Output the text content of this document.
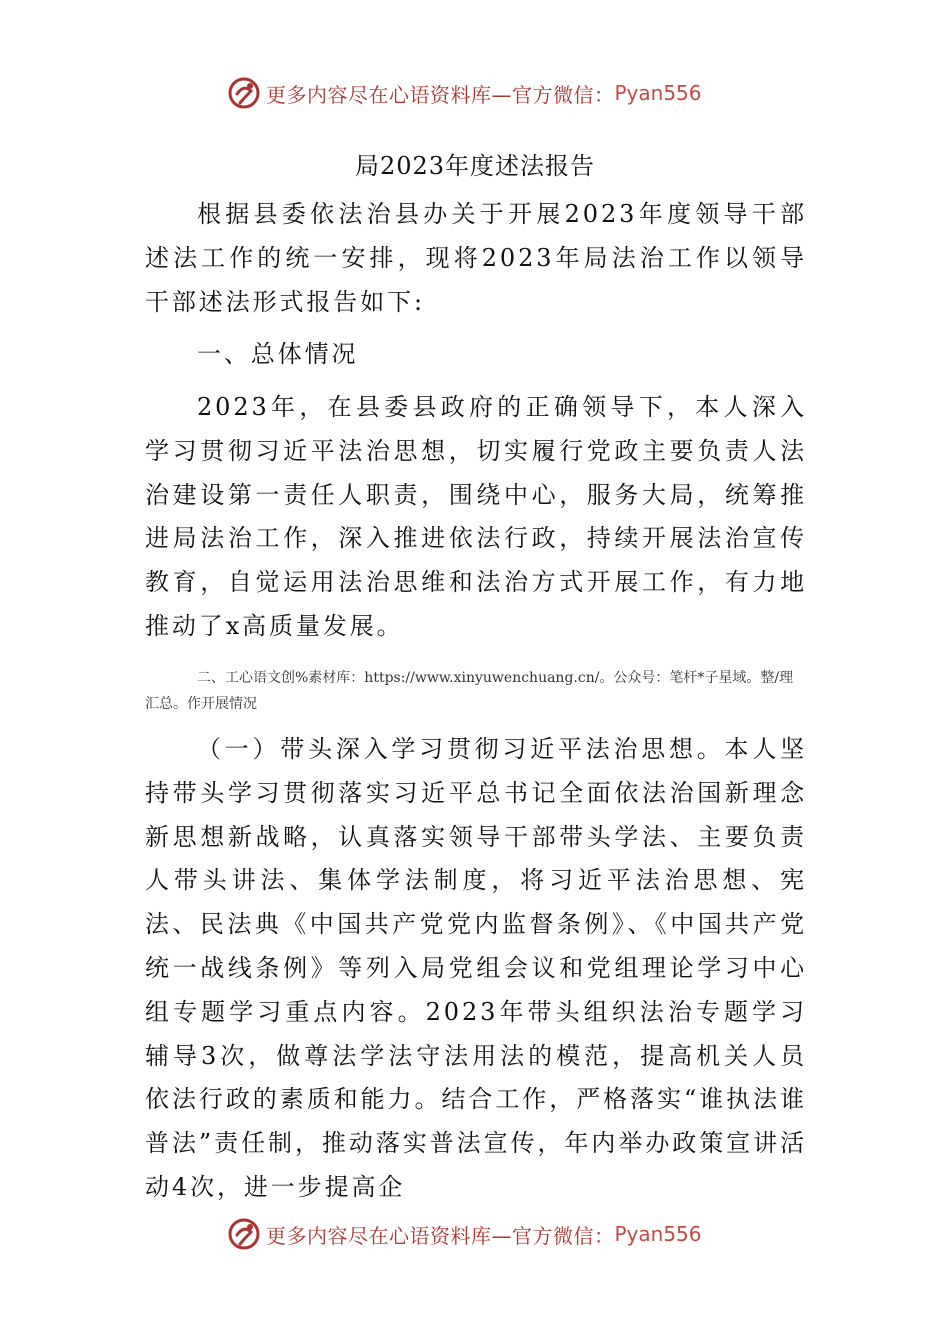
更多内容尽在心语资料库—官方微信： Pyan556
局2023年度述法报告

根据县委依法治县办关于开展2023年度领导干部述法工作的统一安排，现将2023年局法治工作以领导干部述法形式报告如下:

一、总体情况

2023年，在县委县政府的正确领导下，本人深入学习贯彻习近平法治思想，切实履行党政主要负责人法治建设第一责任人职责，围绕中心，服务大局，统筹推进局法治工作，深入推进依法行政，持续开展法治宣传教育，自觉运用法治思维和法治方式开展工作，有力地推动了x高质量发展。

二、工心语文创%素材库：https://www.xinyuwenchuang.cn/。公众号：笔杆*子星域。整/理汇总。作开展情况

（一）带头深入学习贯彻习近平法治思想。本人坚持带头学习贯彻落实习近平总书记全面依法治国新理念新思想新战略，认真落实领导干部带头学法、主要负责人带头讲法、集体学法制度，将习近平法治思想、宪法、民法典《中国共产党党内监督条例》、《中国共产党统一战线条例》等列入局党组会议和党组理论学习中心组专题学习重点内容。2023年带头组织法治专题学习辅导3次，做尊法学法守法用法的模范，提高机关人员依法行政的素质和能力。结合工作，严格落实“谁执法谁普法”责任制，推动落实普法宣传，年内举办政策宣讲活动4次，进一步提高企

更多内容尽在心语资料库—官方微信： Pyan556
